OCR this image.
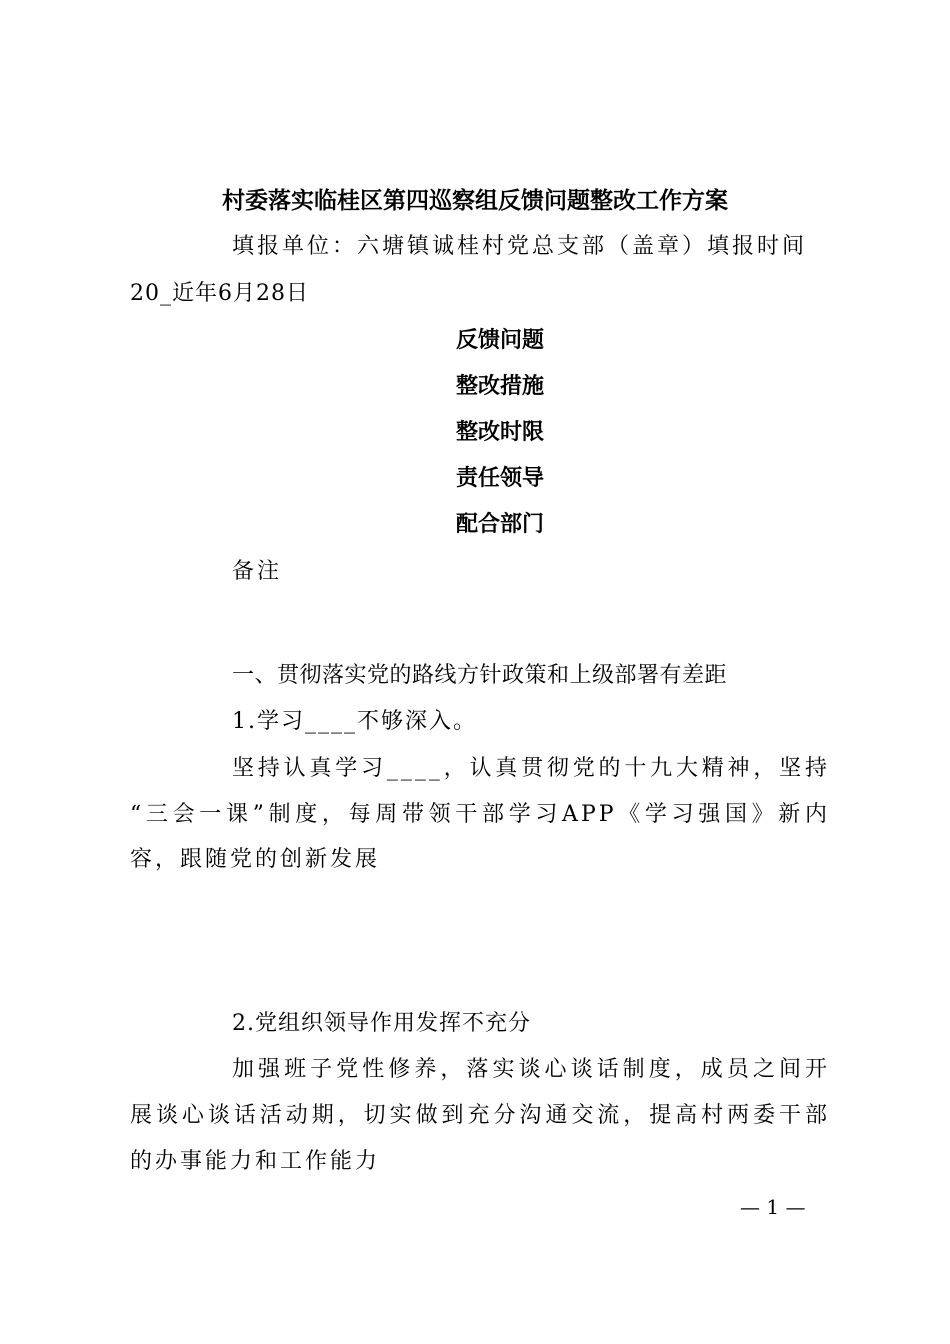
村委落实临桂区第四巡察组反馈问题整改工作方案
填报单位：六塘镇诚桂村党总支部（盖章）填报时间
20_近年6月28日
反馈问题
整改措施
整改时限
责任领导
配合部门
备注
一、贯彻落实党的路线方针政策和上级部署有差距
1.学习____不够深入。
坚持认真学习____，认真贯彻党的十九大精神，坚持
“三会一课”制度，每周带领干部学习APP《学习强国》新内
容，跟随党的创新发展
2.党组织领导作用发挥不充分
加强班子党性修养，落实谈心谈话制度，成员之间开
展谈心谈话活动期，切实做到充分沟通交流，提高村两委干部
的办事能力和工作能力
— 1 —
